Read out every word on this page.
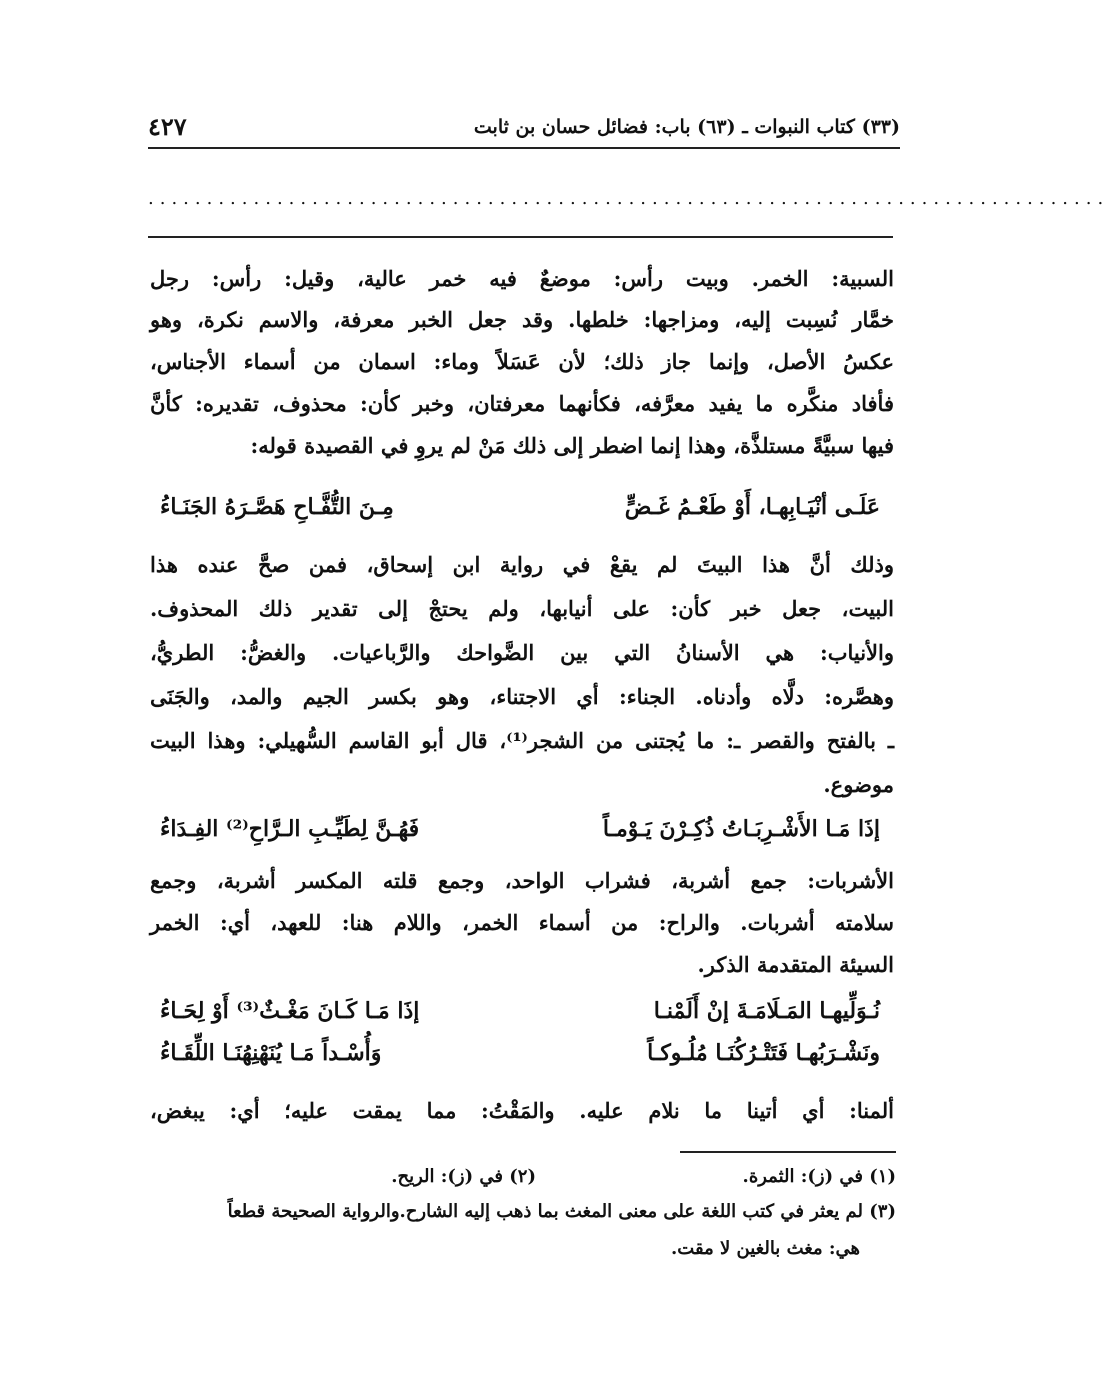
(٣٣) كتاب النبوات ـ (٦٣) باب: فضائل حسان بن ثابت
٤٢٧
..................................................................................
السبية: الخمر. وبيت رأس: موضعٌ فيه خمر عالية، وقيل: رأس: رجل
خمَّار نُسِبت إليه، ومزاجها: خلطها. وقد جعل الخبر معرفة، والاسم نكرة، وهو
عكسُ الأصل، وإنما جاز ذلك؛ لأن عَسَلاً وماء: اسمان من أسماء الأجناس،
فأفاد منكَّره ما يفيد معرَّفه، فكأنهما معرفتان، وخبر كأن: محذوف، تقديره: كأنَّ
فيها سبيَّةً مستلذَّة، وهذا إنما اضطر إلى ذلك مَنْ لم يروِ في القصيدة قوله:
عَلَـى أنْيَـابِهـا، أَوْ طَعْـمُ غَـضٍّ
مِـنَ التُّفَّـاحِ هَصَّـرَهُ الجَنَـاءُ
وذلك أنَّ هذا البيتَ لم يقعْ في رواية ابن إسحاق، فمن صحَّ عنده هذا
البيت، جعل خبر كأن: على أنيابها، ولم يحتجْ إلى تقدير ذلك المحذوف.
والأنياب: هي الأسنانُ التي بين الضَّواحك والرَّباعيات. والغضُّ: الطريُّ،
وهصَّره: دلَّاه وأدناه. الجناء: أي الاجتناء، وهو بكسر الجيم والمد، والجَنَى
ـ بالفتح والقصر ـ: ما يُجتنى من الشجر⁽¹⁾، قال أبو القاسم السُّهيلي: وهذا البيت
موضوع.
إذَا مَـا الأَشْـرِبَـاتُ ذُكِـرْنَ يَـوْمـاً
فَهُـنَّ لِطَيِّـبِ الـرَّاحِ⁽²⁾ الفِـدَاءُ
الأشربات: جمع أشربة، فشراب الواحد، وجمع قلته المكسر أشربة، وجمع
سلامته أشربات. والراح: من أسماء الخمر، واللام هنا: للعهد، أي: الخمر
السيئة المتقدمة الذكر.
نُـوَلِّيهـا المَـلَامَـةَ إنْ أَلَمْنـا
إذَا مَـا كَـانَ مَغْـثٌ⁽³⁾ أَوْ لِحَـاءُ
ونَشْـرَبُهـا فَتَتْـرُكُنَـا مُلُـوكـاً
وَأُسْـداً مَـا يُنَهْنِهُنَـا اللِّقَـاءُ
ألمنا: أي أتينا ما نلام عليه. والمَقْتُ: مما يمقت عليه؛ أي: يبغض،
(١) في (ز): الثمرة.
(٢) في (ز): الريح.
(٣) لم يعثر في كتب اللغة على معنى المغث بما ذهب إليه الشارح.والرواية الصحيحة قطعاً
هي: مغث بالغين لا مقت.
